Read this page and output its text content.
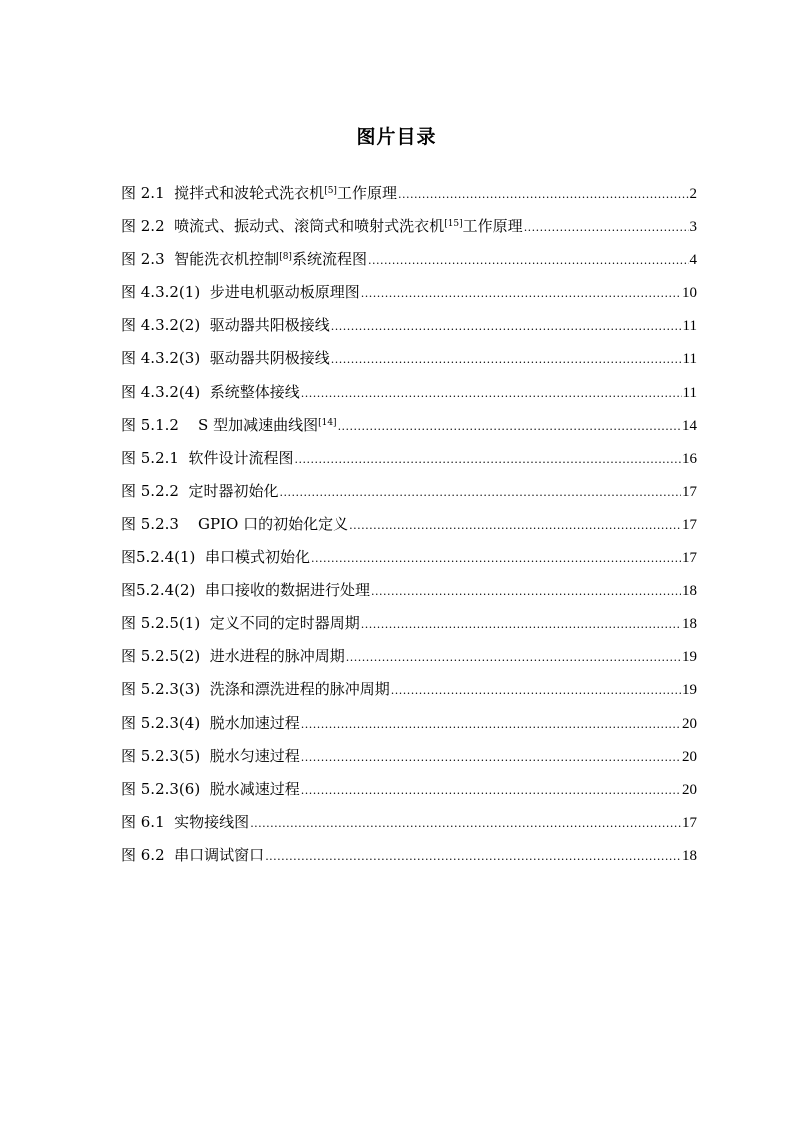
图片目录
图 2.1 搅拌式和波轮式洗衣机[5]工作原理 .....	2
图 2.2 喷流式、振动式、滚筒式和喷射式洗衣机[15]工作原理 .....	3
图 2.3 智能洗衣机控制[8]系统流程图 .....	4
图 4.3.2(1) 步进电机驱动板原理图 .....	10
图 4.3.2(2) 驱动器共阳极接线 .....	11
图 4.3.2(3) 驱动器共阴极接线 .....	11
图 4.3.2(4) 系统整体接线 .....	11
图 5.1.2    S 型加减速曲线图[14] .....	14
图 5.2.1 软件设计流程图 .....	16
图 5.2.2 定时器初始化 .....	17
图 5.2.3    GPIO 口的初始化定义 .....	17
图5.2.4(1) 串口模式初始化 .....	17
图5.2.4(2) 串口接收的数据进行处理 .....	18
图 5.2.5(1) 定义不同的定时器周期 .....	18
图 5.2.5(2) 进水进程的脉冲周期 .....	19
图 5.2.3(3) 洗涤和漂洗进程的脉冲周期 .....	19
图 5.2.3(4) 脱水加速过程 .....	20
图 5.2.3(5) 脱水匀速过程 .....	20
图 5.2.3(6) 脱水减速过程 .....	20
图 6.1 实物接线图 .....	17
图 6.2 串口调试窗口 .....	18
